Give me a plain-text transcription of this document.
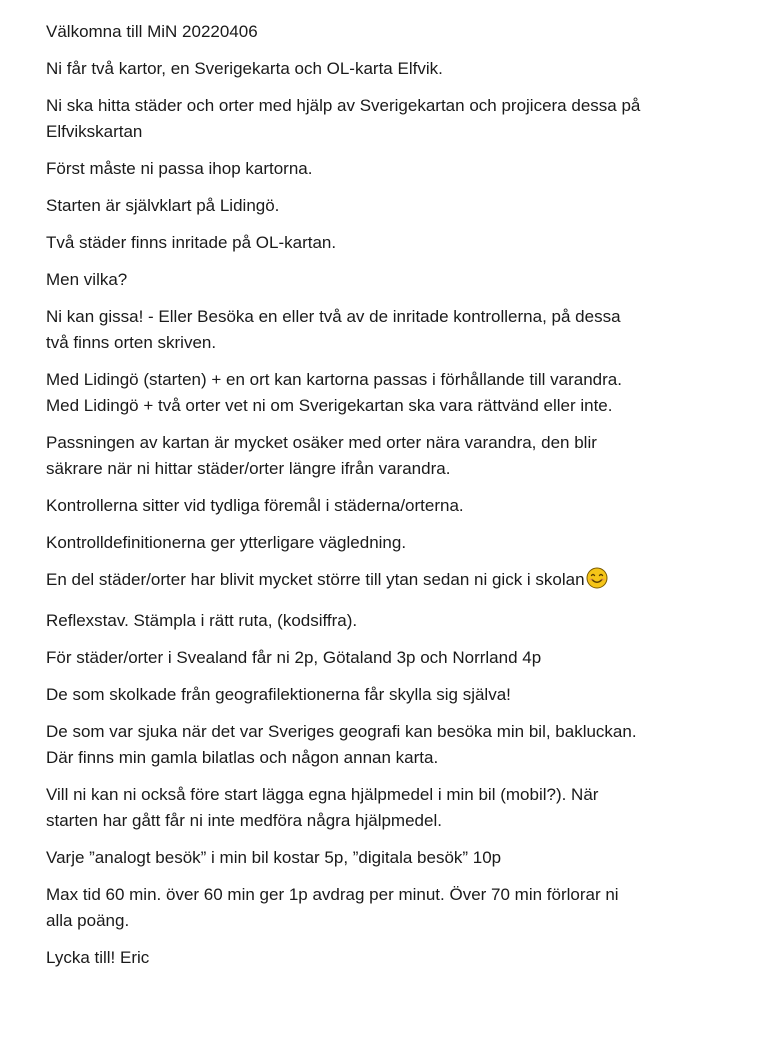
Välkomna till MiN 20220406

Ni får två kartor, en Sverigekarta och OL-karta Elfvik.

Ni ska hitta städer och orter med hjälp av Sverigekartan och projicera dessa på
Elfvikskartan

Först måste ni passa ihop kartorna.

Starten är självklart på Lidingö.

Två städer finns inritade på OL-kartan.

Men vilka?

Ni kan gissa! - Eller Besöka en eller två av de inritade kontrollerna, på dessa
två finns orten skriven.

Med Lidingö (starten) + en ort kan kartorna passas i förhållande till varandra.
Med Lidingö + två orter vet ni om Sverigekartan ska vara rättvänd eller inte.

Passningen av kartan är mycket osäker med orter nära varandra, den blir
säkrare när ni hittar städer/orter längre ifrån varandra.

Kontrollerna sitter vid tydliga föremål i städerna/orterna.

Kontrolldefinitionerna ger ytterligare vägledning.

En del städer/orter har blivit mycket större till ytan sedan ni gick i skolan

Reflexstav. Stämpla i rätt ruta, (kodsiffra).

För städer/orter i Svealand får ni 2p, Götaland 3p och Norrland 4p

De som skolkade från geografilektionerna får skylla sig själva!

De som var sjuka när det var Sveriges geografi kan besöka min bil, bakluckan.
Där finns min gamla bilatlas och någon annan karta.

Vill ni kan ni också före start lägga egna hjälpmedel i min bil (mobil?). När
starten har gått får ni inte medföra några hjälpmedel.

Varje ”analogt besök” i min bil kostar 5p, ”digitala besök” 10p

Max tid 60 min. över 60 min ger 1p avdrag per minut. Över 70 min förlorar ni
alla poäng.

Lycka till! Eric
